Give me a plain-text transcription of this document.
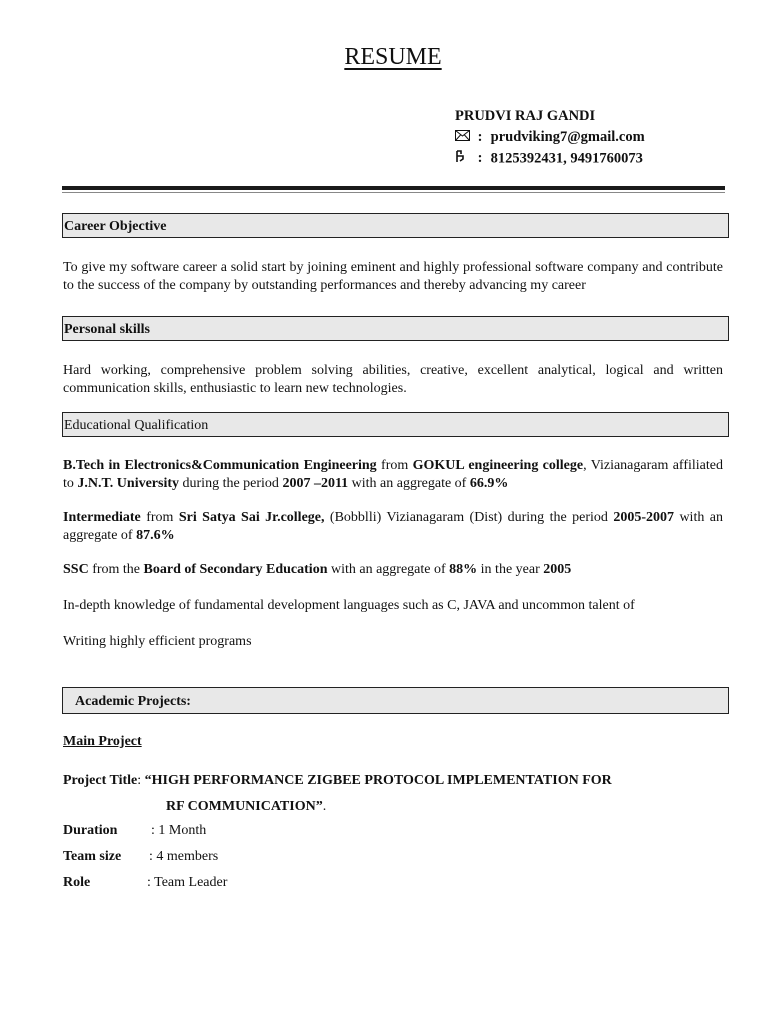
RESUME
PRUDVI RAJ GANDI
: prudviking7@gmail.com
: 8125392431, 9491760073
Career Objective
To give my software career a solid start by joining eminent and highly professional software company and contribute to the success of the company by outstanding performances and thereby advancing my career
Personal skills
Hard working, comprehensive problem solving abilities, creative, excellent analytical, logical and written communication skills, enthusiastic to learn new technologies.
Educational Qualification
B.Tech in Electronics&Communication Engineering from GOKUL engineering college, Vizianagaram affiliated to J.N.T. University during the period 2007 –2011 with an aggregate of 66.9%
Intermediate from Sri Satya Sai Jr.college, (Bobblli) Vizianagaram (Dist) during the period 2005-2007 with an aggregate of 87.6%
SSC from the Board of Secondary Education with an aggregate of 88% in the year 2005
In-depth knowledge of fundamental development languages such as C, JAVA and uncommon talent of
Writing highly efficient programs
Academic Projects:
Main Project
Project Title: “HIGH PERFORMANCE ZIGBEE PROTOCOL IMPLEMENTATION FOR
RF COMMUNICATION”.
Duration : 1 Month
Team size : 4 members
Role	: Team Leader
